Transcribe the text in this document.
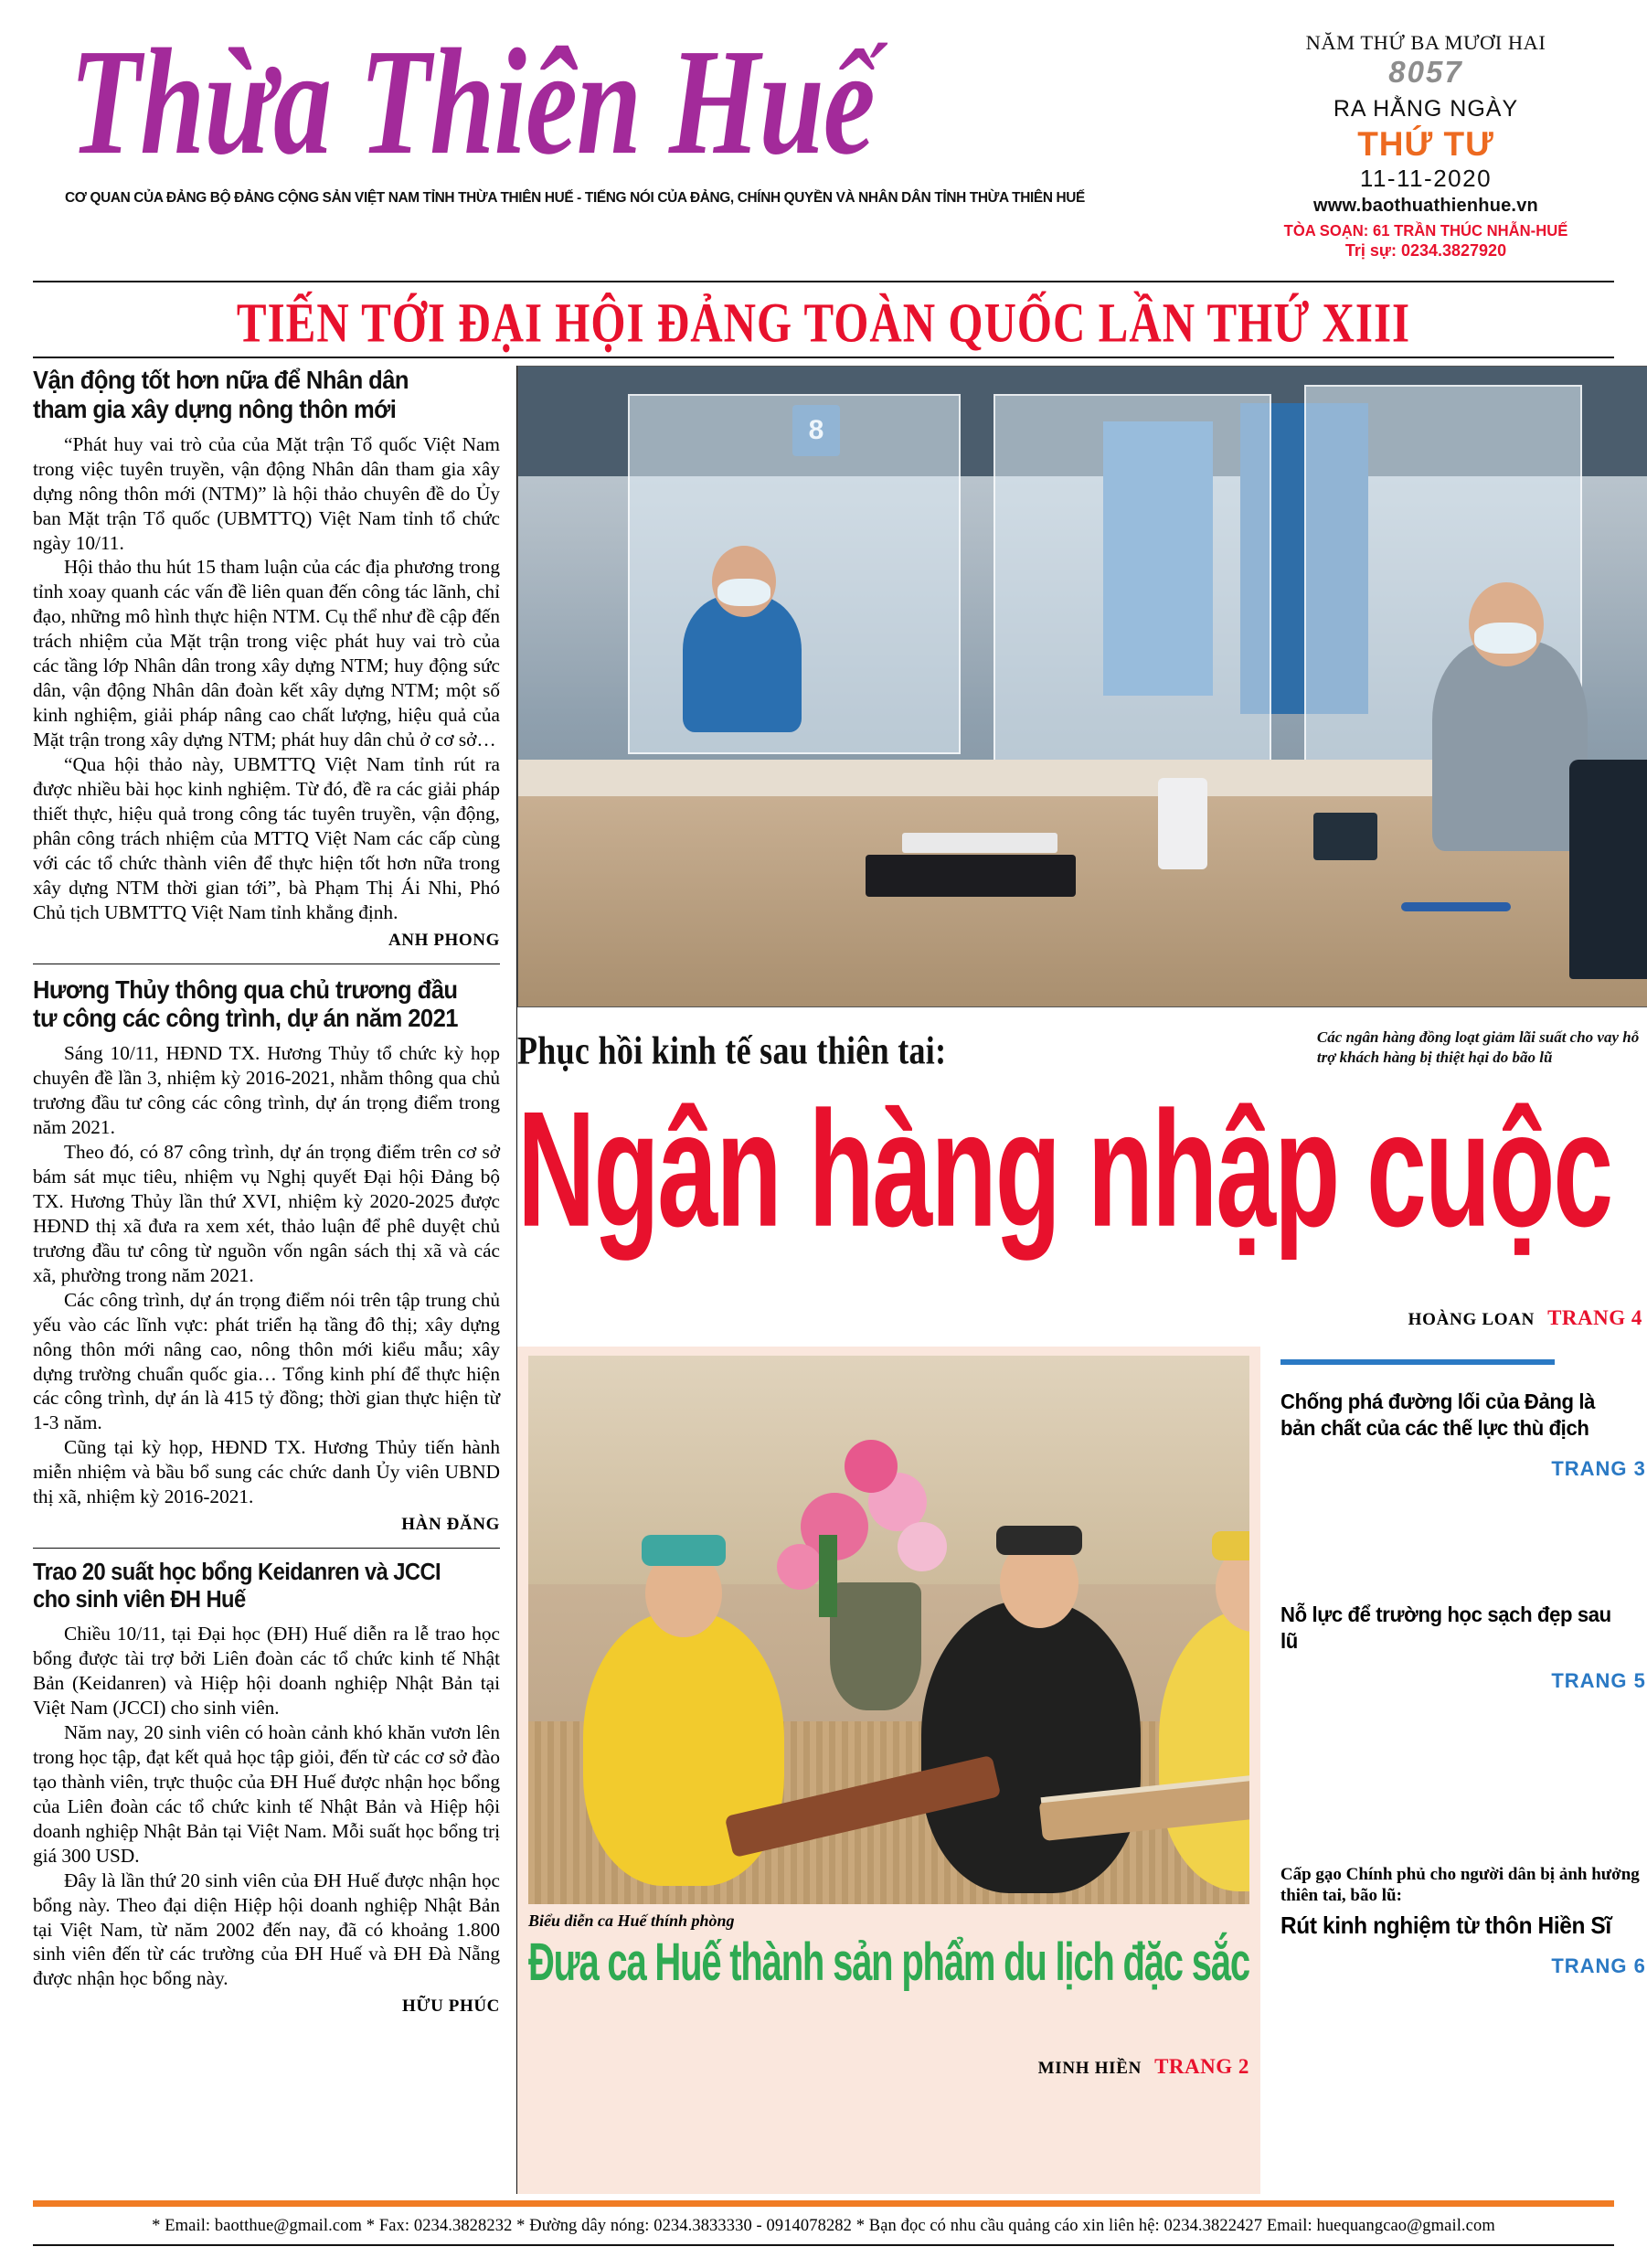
Thừa Thiên Huế
CƠ QUAN CỦA ĐẢNG BỘ ĐẢNG CỘNG SẢN VIỆT NAM TỈNH THỪA THIÊN HUẾ - TIẾNG NÓI CỦA ĐẢNG, CHÍNH QUYỀN VÀ NHÂN DÂN TỈNH THỪA THIÊN HUẾ
NĂM THỨ BA MƯƠI HAI
8057
RA HẰNG NGÀY
THỨ TƯ
11-11-2020
www.baothuathienhue.vn
TÒA SOẠN: 61 TRẦN THÚC NHẪN-HUẾ
Trị sự: 0234.3827920
TIẾN TỚI ĐẠI HỘI ĐẢNG TOÀN QUỐC LẦN THỨ XIII
Vận động tốt hơn nữa để Nhân dân tham gia xây dựng nông thôn mới

“Phát huy vai trò của của Mặt trận Tổ quốc Việt Nam trong việc tuyên truyền, vận động Nhân dân tham gia xây dựng nông thôn mới (NTM)” là hội thảo chuyên đề do Ủy ban Mặt trận Tổ quốc (UBMTTQ) Việt Nam tỉnh tổ chức ngày 10/11.

Hội thảo thu hút 15 tham luận của các địa phương trong tỉnh xoay quanh các vấn đề liên quan đến công tác lãnh, chỉ đạo, những mô hình thực hiện NTM. Cụ thể như đề cập đến trách nhiệm của Mặt trận trong việc phát huy vai trò của các tầng lớp Nhân dân trong xây dựng NTM; huy động sức dân, vận động Nhân dân đoàn kết xây dựng NTM; một số kinh nghiệm, giải pháp nâng cao chất lượng, hiệu quả của Mặt trận trong xây dựng NTM; phát huy dân chủ ở cơ sở…

“Qua hội thảo này, UBMTTQ Việt Nam tỉnh rút ra được nhiều bài học kinh nghiệm. Từ đó, đề ra các giải pháp thiết thực, hiệu quả trong công tác tuyên truyền, vận động, phân công trách nhiệm của MTTQ Việt Nam các cấp cùng với các tổ chức thành viên để thực hiện tốt hơn nữa trong xây dựng NTM thời gian tới”, bà Phạm Thị Ái Nhi, Phó Chủ tịch UBMTTQ Việt Nam tỉnh khẳng định.

ANH PHONG
Hương Thủy thông qua chủ trương đầu tư công các công trình, dự án năm 2021

Sáng 10/11, HĐND TX. Hương Thủy tổ chức kỳ họp chuyên đề lần 3, nhiệm kỳ 2016-2021, nhằm thông qua chủ trương đầu tư công các công trình, dự án trọng điểm trong năm 2021.

Theo đó, có 87 công trình, dự án trọng điểm trên cơ sở bám sát mục tiêu, nhiệm vụ Nghị quyết Đại hội Đảng bộ TX. Hương Thủy lần thứ XVI, nhiệm kỳ 2020-2025 được HĐND thị xã đưa ra xem xét, thảo luận để phê duyệt chủ trương đầu tư công từ nguồn vốn ngân sách thị xã và các xã, phường trong năm 2021.

Các công trình, dự án trọng điểm nói trên tập trung chủ yếu vào các lĩnh vực: phát triển hạ tầng đô thị; xây dựng nông thôn mới nâng cao, nông thôn mới kiểu mẫu; xây dựng trường chuẩn quốc gia… Tổng kinh phí để thực hiện các công trình, dự án là 415 tỷ đồng; thời gian thực hiện từ 1-3 năm.

Cũng tại kỳ họp, HĐND TX. Hương Thủy tiến hành miễn nhiệm và bầu bổ sung các chức danh Ủy viên UBND thị xã, nhiệm kỳ 2016-2021.

HÀN ĐĂNG
Trao 20 suất học bổng Keidanren và JCCI cho sinh viên ĐH Huế

Chiều 10/11, tại Đại học (ĐH) Huế diễn ra lễ trao học bổng được tài trợ bởi Liên đoàn các tổ chức kinh tế Nhật Bản (Keidanren) và Hiệp hội doanh nghiệp Nhật Bản tại Việt Nam (JCCI) cho sinh viên.

Năm nay, 20 sinh viên có hoàn cảnh khó khăn vươn lên trong học tập, đạt kết quả học tập giỏi, đến từ các cơ sở đào tạo thành viên, trực thuộc của ĐH Huế được nhận học bổng của Liên đoàn các tổ chức kinh tế Nhật Bản và Hiệp hội doanh nghiệp Nhật Bản tại Việt Nam. Mỗi suất học bổng trị giá 300 USD.

Đây là lần thứ 20 sinh viên của ĐH Huế được nhận học bổng này. Theo đại diện Hiệp hội doanh nghiệp Nhật Bản tại Việt Nam, từ năm 2002 đến nay, đã có khoảng 1.800 sinh viên đến từ các trường của ĐH Huế và ĐH Đà Nẵng được nhận học bổng này.

HỮU PHÚC
Phục hồi kinh tế sau thiên tai:	Các ngân hàng đồng loạt giảm lãi suất cho vay hỗ trợ khách hàng bị thiệt hại do bão lũ
Ngân hàng nhập cuộc
HOÀNG LOAN TRANG 4
Biểu diễn ca Huế thính phòng
Đưa ca Huế thành sản phẩm du lịch đặc sắc
MINH HIỀN TRANG 2
Chống phá đường lối của Đảng là bản chất của các thế lực thù địch
TRANG 3
Nỗ lực để trường học sạch đẹp sau lũ
TRANG 5
Cấp gạo Chính phủ cho người dân bị ảnh hưởng thiên tai, bão lũ:
Rút kinh nghiệm từ thôn Hiền Sĩ
TRANG 6
* Email: baotthue@gmail.com * Fax: 0234.3828232 * Đường dây nóng: 0234.3833330 - 0914078282 * Bạn đọc có nhu cầu quảng cáo xin liên hệ: 0234.3822427 Email: huequangcao@gmail.com
